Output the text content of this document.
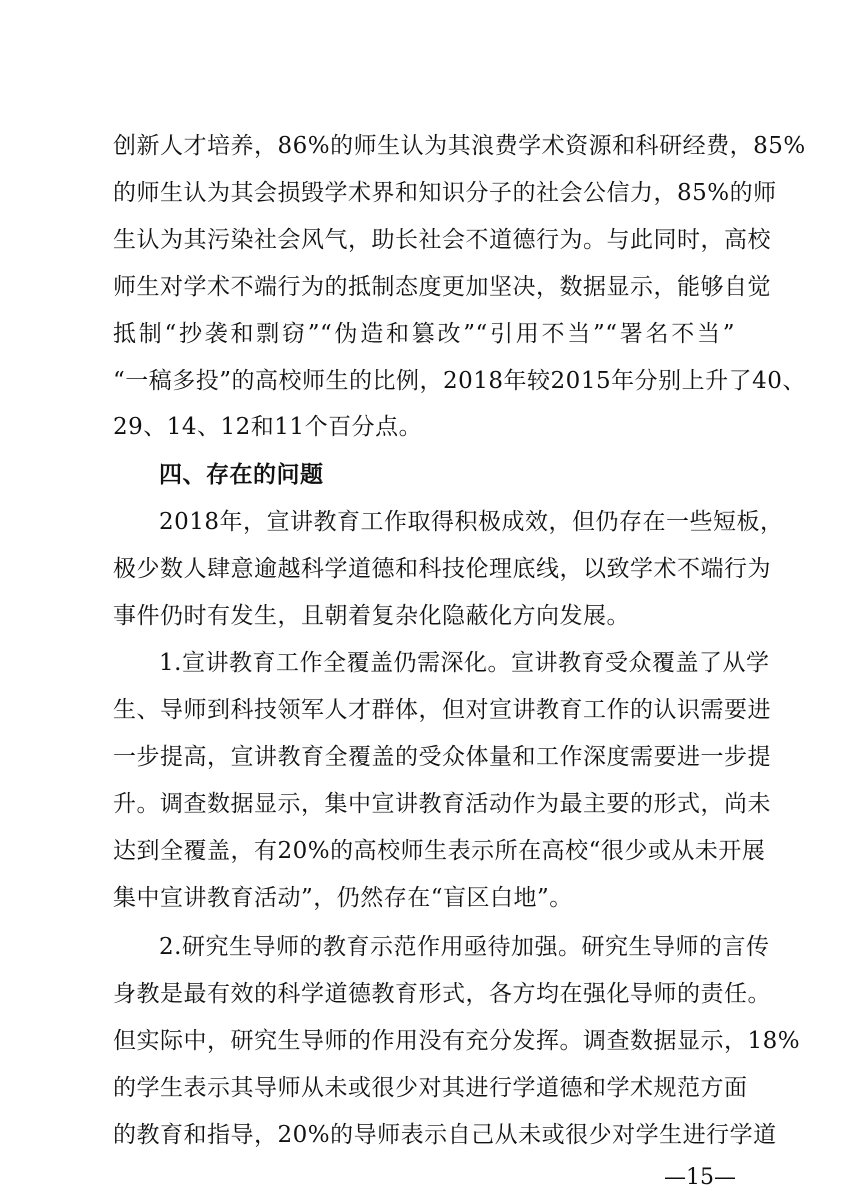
创新人才培养，86%的师生认为其浪费学术资源和科研经费，85%
的师生认为其会损毁学术界和知识分子的社会公信力，85%的师
生认为其污染社会风气，助长社会不道德行为。与此同时，高校
师生对学术不端行为的抵制态度更加坚决，数据显示，能够自觉
抵制“抄袭和剽窃”“伪造和篡改”“引用不当”“署名不当”
“一稿多投”的高校师生的比例，2018年较2015年分别上升了40、
29、14、12和11个百分点。
四、存在的问题
2018年，宣讲教育工作取得积极成效，但仍存在一些短板，
极少数人肆意逾越科学道德和科技伦理底线，以致学术不端行为
事件仍时有发生，且朝着复杂化隐蔽化方向发展。
1.宣讲教育工作全覆盖仍需深化。宣讲教育受众覆盖了从学
生、导师到科技领军人才群体，但对宣讲教育工作的认识需要进
一步提高，宣讲教育全覆盖的受众体量和工作深度需要进一步提
升。调查数据显示，集中宣讲教育活动作为最主要的形式，尚未
达到全覆盖，有20%的高校师生表示所在高校“很少或从未开展
集中宣讲教育活动”，仍然存在“盲区白地”。
2.研究生导师的教育示范作用亟待加强。研究生导师的言传
身教是最有效的科学道德教育形式，各方均在强化导师的责任。
但实际中，研究生导师的作用没有充分发挥。调查数据显示，18%
的学生表示其导师从未或很少对其进行学道德和学术规范方面
的教育和指导，20%的导师表示自己从未或很少对学生进行学道
—15—
